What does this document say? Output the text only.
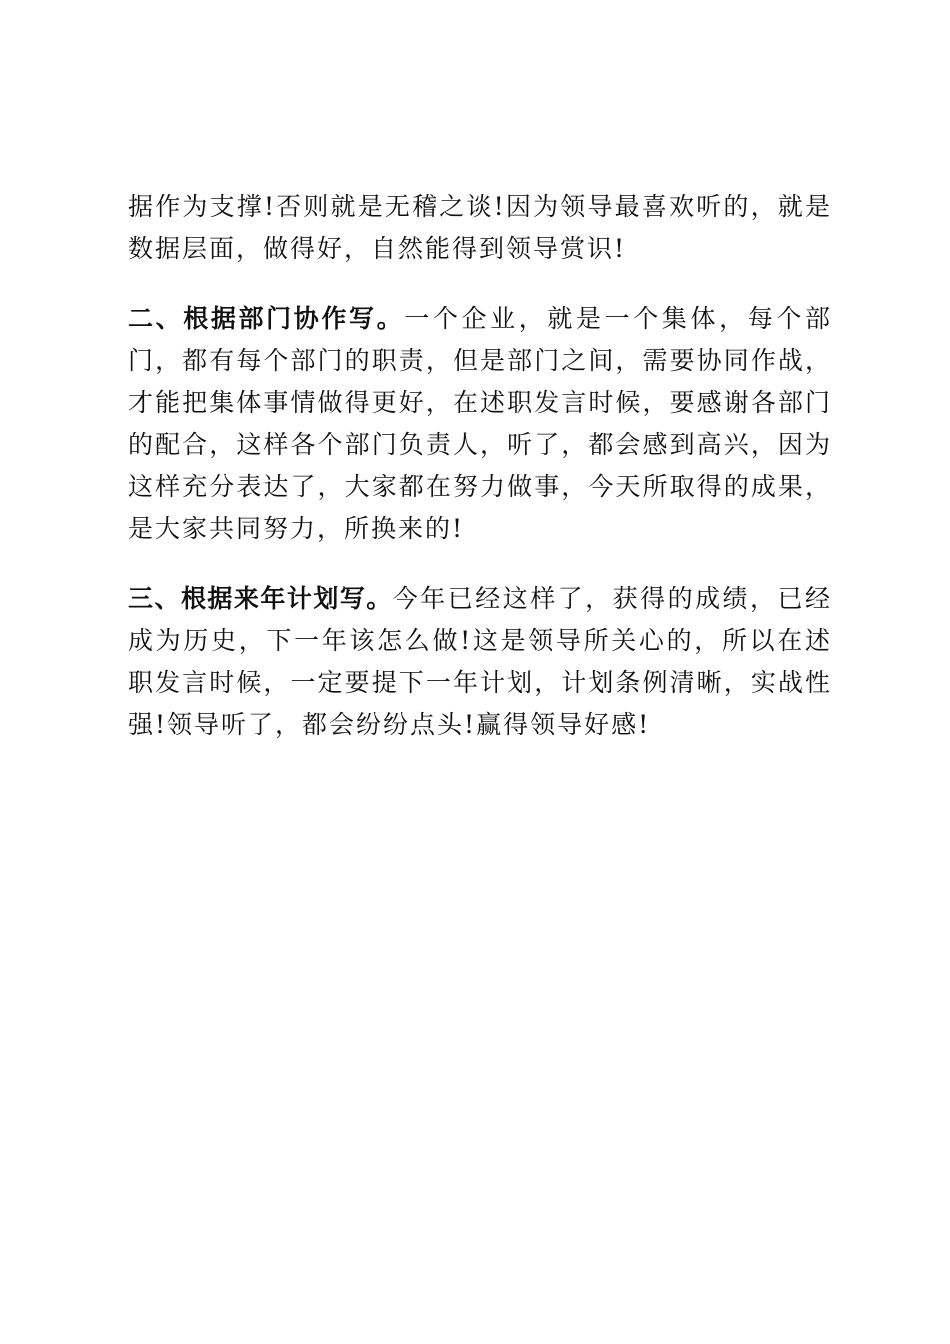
据作为支撑!否则就是无稽之谈!因为领导最喜欢听的，就是数据层面，做得好，自然能得到领导赏识!

二、根据部门协作写。一个企业，就是一个集体，每个部门，都有每个部门的职责，但是部门之间，需要协同作战，才能把集体事情做得更好，在述职发言时候，要感谢各部门的配合，这样各个部门负责人，听了，都会感到高兴，因为这样充分表达了，大家都在努力做事，今天所取得的成果，是大家共同努力，所换来的!

三、根据来年计划写。今年已经这样了，获得的成绩，已经成为历史，下一年该怎么做!这是领导所关心的，所以在述职发言时候，一定要提下一年计划，计划条例清晰，实战性强!领导听了，都会纷纷点头!赢得领导好感!
